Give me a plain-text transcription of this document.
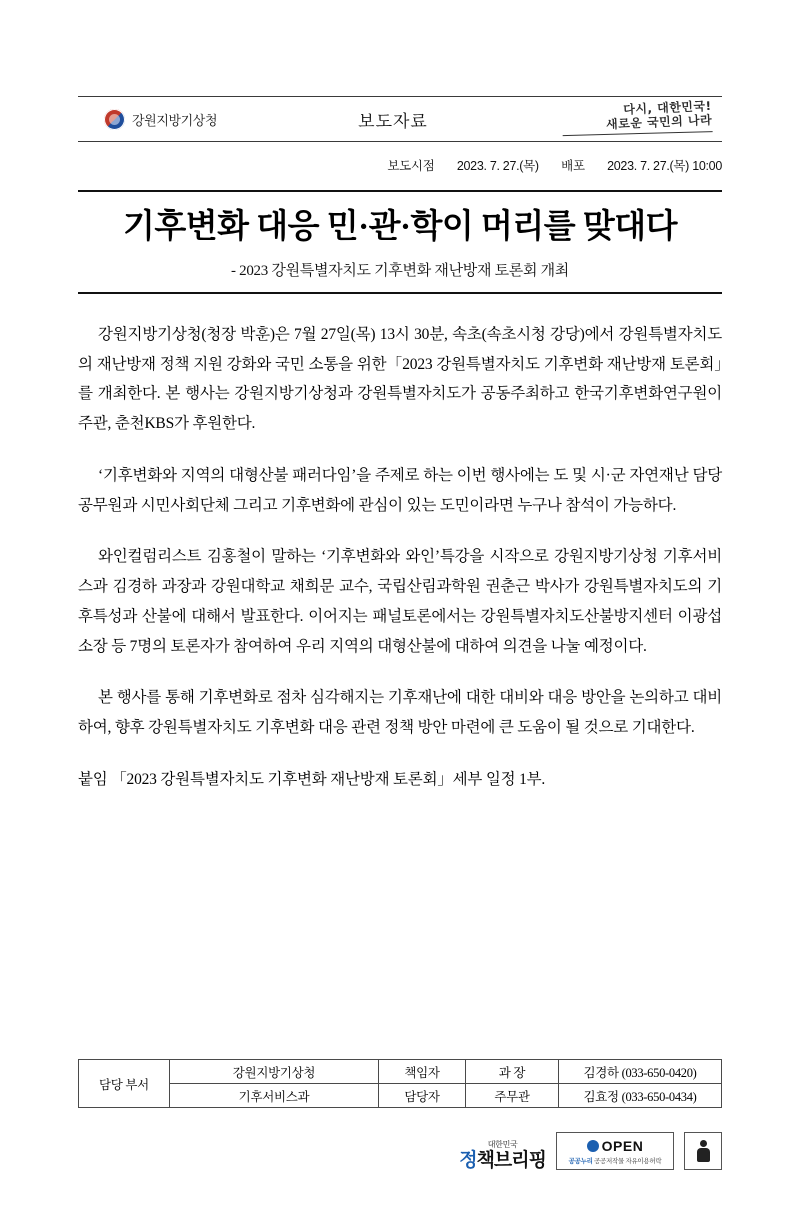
강원지방기상청	보도자료
다시, 대한민국!
새로운 국민의 나라
보도시점 2023. 7. 27.(목) 배포 2023. 7. 27.(목) 10:00
기후변화 대응 민·관·학이 머리를 맞대다
- 2023 강원특별자치도 기후변화 재난방재 토론회 개최

강원지방기상청(청장 박훈)은 7월 27일(목) 13시 30분, 속초(속초시청 강당)에서 강원특별자치도의 재난방재 정책 지원 강화와 국민 소통을 위한「2023 강원특별자치도 기후변화 재난방재 토론회」를 개최한다. 본 행사는 강원지방기상청과 강원특별자치도가 공동주최하고 한국기후변화연구원이 주관, 춘천KBS가 후원한다.

‘기후변화와 지역의 대형산불 패러다임’을 주제로 하는 이번 행사에는 도 및 시·군 자연재난 담당 공무원과 시민사회단체 그리고 기후변화에 관심이 있는 도민이라면 누구나 참석이 가능하다.

와인컬럼리스트 김홍철이 말하는 ‘기후변화와 와인’특강을 시작으로 강원지방기상청 기후서비스과 김경하 과장과 강원대학교 채희문 교수, 국립산림과학원 권춘근 박사가 강원특별자치도의 기후특성과 산불에 대해서 발표한다. 이어지는 패널토론에서는 강원특별자치도산불방지센터 이광섭 소장 등 7명의 토론자가 참여하여 우리 지역의 대형산불에 대하여 의견을 나눌 예정이다.

본 행사를 통해 기후변화로 점차 심각해지는 기후재난에 대한 대비와 대응 방안을 논의하고 대비하여, 향후 강원특별자치도 기후변화 대응 관련 정책 방안 마련에 큰 도움이 될 것으로 기대한다.

붙임 「2023 강원특별자치도 기후변화 재난방재 토론회」세부 일정 1부.

담당 부서	강원지방기상청	책임자	과 장	김경하 (033-650-0420)
	기후서비스과	담당자	주무관	김효정 (033-650-0434)
대한민국
정책브리핑
OPEN
공공누리 공공저작물 자유이용허락
